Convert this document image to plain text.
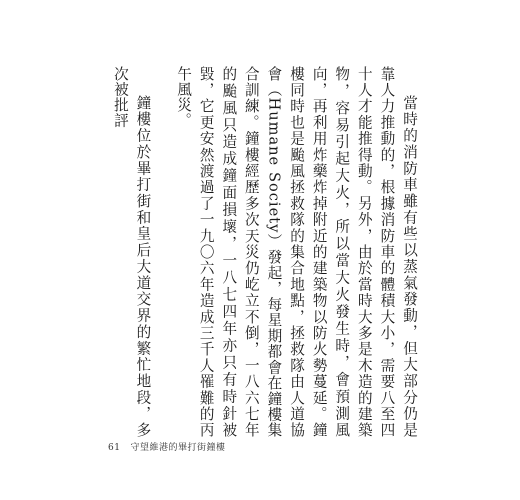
當時的消防車雖有些以蒸氣發動，但大部分仍是靠人力推動的，根據消防車的體積大小，需要八至四十人才能推得動。另外，由於當時大多是木造的建築物，容易引起大火，所以當大火發生時，會預測風向，再利用炸藥炸掉附近的建築物以防火勢蔓延。鐘樓同時也是颱風拯救隊的集合地點，拯救隊由人道協會（Humane Society）發起，每星期都會在鐘樓集合訓練。鐘樓經歷多次天災仍屹立不倒，一八六七年的颱風只造成鐘面損壞，一八七四年亦只有時針被毀，它更安然渡過了一九〇六年造成三千人罹難的丙午風災。

鐘樓位於畢打街和皇后大道交界的繁忙地段，多次被批評

61 守望維港的畢打街鐘樓
